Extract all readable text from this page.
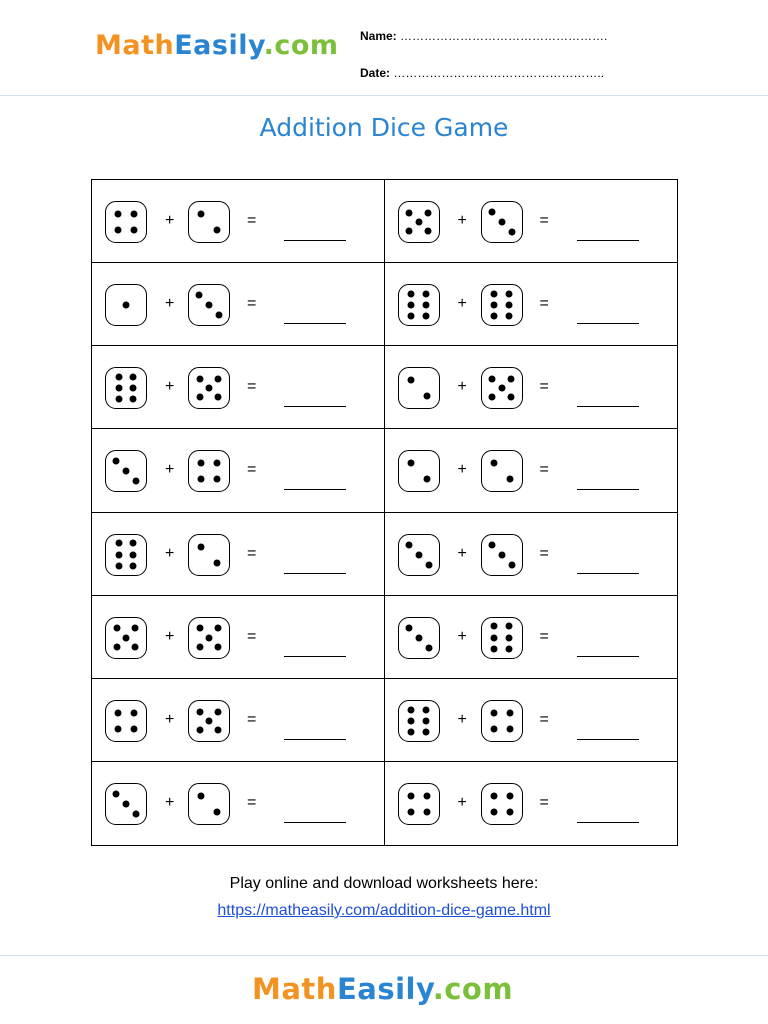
MathEasily.com Name: …………………………………………….
Date: ……………………………………………..
Addition Dice Game
+	=	+	=
+	=	+	=
+	=	+	=
+	=	+	=
+	=	+	=
+	=	+	=
+	=	+	=
+	=	+	=
Play online and download worksheets here:
https://matheasily.com/addition-dice-game.html
MathEasily.com
